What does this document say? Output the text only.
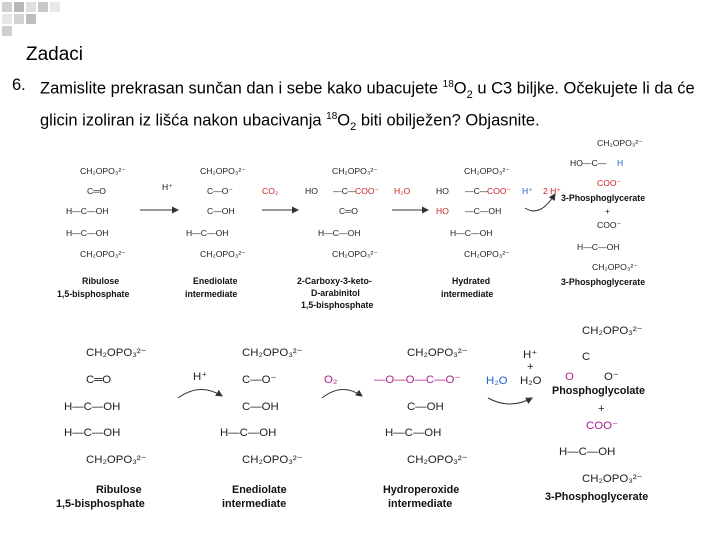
Zadaci
6. Zamislite prekrasan sunčan dan i sebe kako ubacujete $^{18}O_2$ u C3 biljke. Očekujete li da će glicin izoliran iz lišća nakon ubacivanja $^{18}O_2$ biti obilježen? Objasnite.
CH₂OPO₃²⁻
C═O
H—C—OH
H—C—OH
CH₂OPO₃²⁻
Ribulose
1,5-bisphosphate
H⁺
CH₂OPO₃²⁻
C—O⁻
C—OH
H—C—OH
CH₂OPO₃²⁻
Enediolate
intermediate
CO₂
CH₂OPO₃²⁻
HO —C—
COO⁻
C═O
H—C—OH
CH₂OPO₃²⁻
2-Carboxy-3-keto-
D-arabinitol
1,5-bisphosphate
H₂O
CH₂OPO₃²⁻
HO —C—
COO⁻
HO —C—OH
H—C—OH
CH₂OPO₃²⁻
Hydrated
intermediate
H⁺ 2 H⁺
CH₂OPO₃²⁻
HO—C— H
COO⁻
3-Phosphoglycerate
+
COO⁻
H—C—OH
CH₂OPO₃²⁻
3-Phosphoglycerate
CH₂OPO₃²⁻
C═O
H—C—OH
H—C—OH
CH₂OPO₃²⁻
Ribulose
1,5-bisphosphate
H⁺
CH₂OPO₃²⁻
C—O⁻
C—OH
H—C—OH
CH₂OPO₃²⁻
Enediolate
intermediate
O₂
CH₂OPO₃²⁻
—O—O—C—O⁻
C—OH
H—C—OH
CH₂OPO₃²⁻
Hydroperoxide
intermediate
H⁺
+
H₂O
H₂O
CH₂OPO₃²⁻
C
O	O⁻
Phosphoglycolate
+
COO⁻
H—C—OH
CH₂OPO₃²⁻
3-Phosphoglycerate
